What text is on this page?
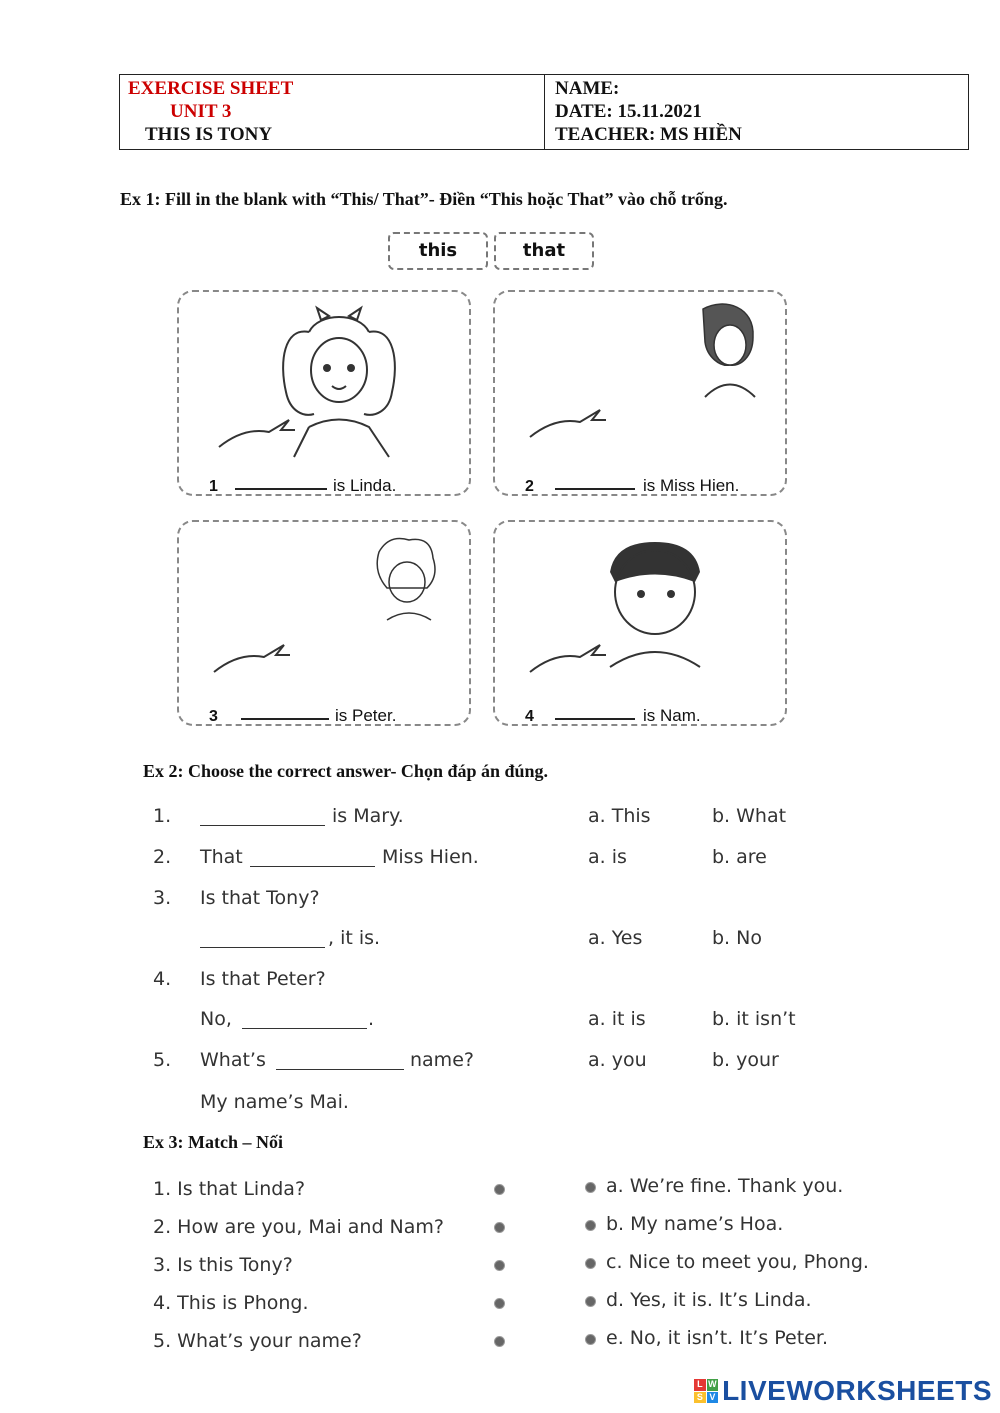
EXERCISE SHEET
UNIT 3
THIS IS TONY
NAME:
DATE: 15.11.2021
TEACHER: MS HIỀN
Ex 1: Fill in the blank with “This/ That”- Điền “This hoặc That” vào chỗ trống.
this	that
1	is Linda.	2	is Miss Hien.
3	is Peter.	4	is Nam.
Ex 2: Choose the correct answer- Chọn đáp án đúng.
1.	is Mary.	a. This	b. What
2. That	Miss Hien.	a. is	b. are
3. Is that Tony?
, it is.	a. Yes	b. No
4. Is that Peter?
No,	.	a. it is	b. it isn’t
5. What’s	name?	a. you	b. your
My name’s Mai.
Ex 3: Match – Nối
1. Is that Linda?	a. We’re fine. Thank you.
2. How are you, Mai and Nam?	b. My name’s Hoa.
3. Is this Tony?	c. Nice to meet you, Phong.
4. This is Phong.	d. Yes, it is. It’s Linda.
5. What’s your name?	e. No, it isn’t. It’s Peter.
L W
S V LIVEWORKSHEETS
